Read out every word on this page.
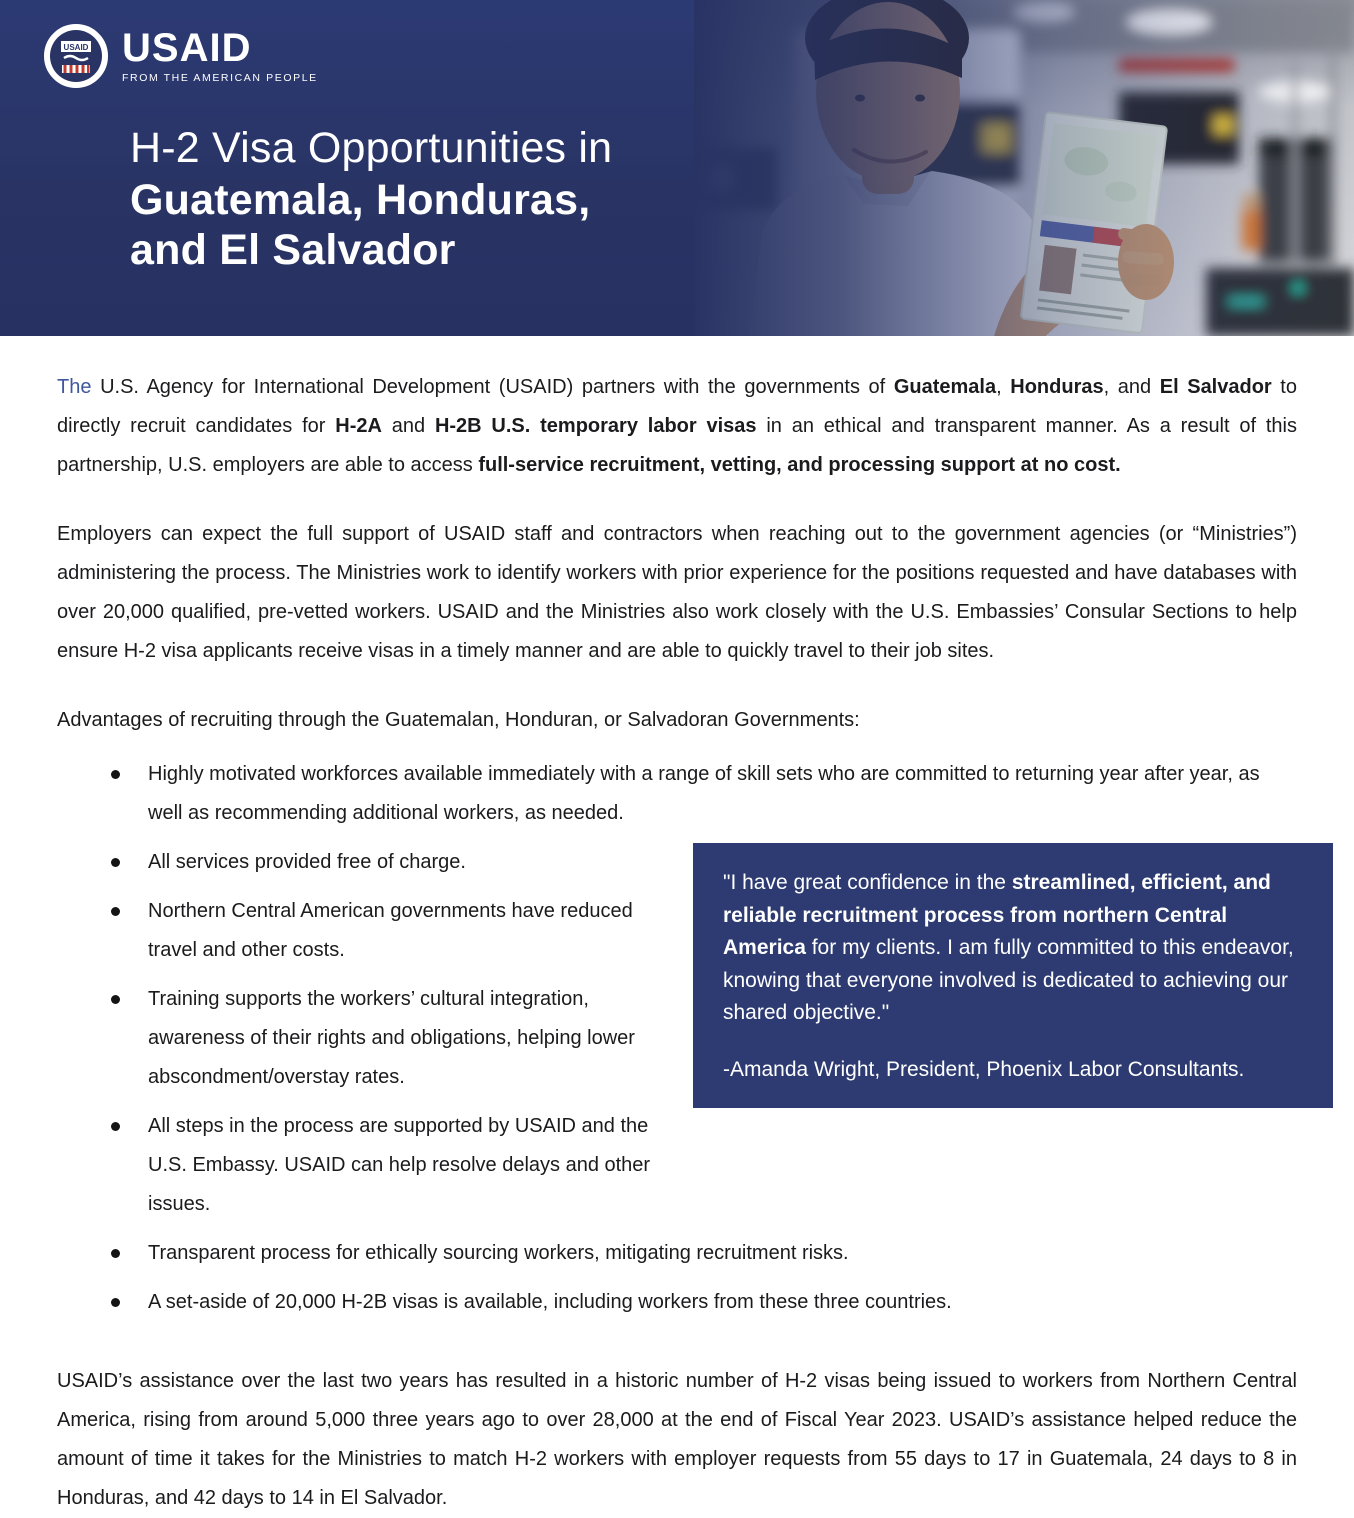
USAID USAID
FROM THE AMERICAN PEOPLE
H-2 Visa Opportunities in
Guatemala, Honduras,
and El Salvador

The U.S. Agency for International Development (USAID) partners with the governments of Guatemala, Honduras, and El Salvador to directly recruit candidates for H-2A and H-2B U.S. temporary labor visas in an ethical and transparent manner. As a result of this partnership, U.S. employers are able to access full-service recruitment, vetting, and processing support at no cost.

Employers can expect the full support of USAID staff and contractors when reaching out to the government agencies (or “Ministries”) administering the process. The Ministries work to identify workers with prior experience for the positions requested and have databases with over 20,000 qualified, pre-vetted workers. USAID and the Ministries also work closely with the U.S. Embassies’ Consular Sections to help ensure H-2 visa applicants receive visas in a timely manner and are able to quickly travel to their job sites.

Advantages of recruiting through the Guatemalan, Honduran, or Salvadoran Governments:

Highly motivated workforces available immediately with a range of skill sets who are committed to returning year after year, as well as recommending additional workers, as needed.

"I have great confidence in the streamlined, efficient, and reliable recruitment process from northern Central America for my clients. I am fully committed to this endeavor, knowing that everyone involved is dedicated to achieving our shared objective."

-Amanda Wright, President, Phoenix Labor Consultants.

All services provided free of charge.
Northern Central American governments have reduced travel and other costs.
Training supports the workers’ cultural integration, awareness of their rights and obligations, helping lower abscondment/overstay rates.
All steps in the process are supported by USAID and the U.S. Embassy. USAID can help resolve delays and other issues.
Transparent process for ethically sourcing workers, mitigating recruitment risks.
A set-aside of 20,000 H-2B visas is available, including workers from these three countries.

USAID’s assistance over the last two years has resulted in a historic number of H-2 visas being issued to workers from Northern Central America, rising from around 5,000 three years ago to over 28,000 at the end of Fiscal Year 2023. USAID’s assistance helped reduce the amount of time it takes for the Ministries to match H-2 workers with employer requests from 55 days to 17 in Guatemala, 24 days to 8 in Honduras, and 42 days to 14 in El Salvador.
